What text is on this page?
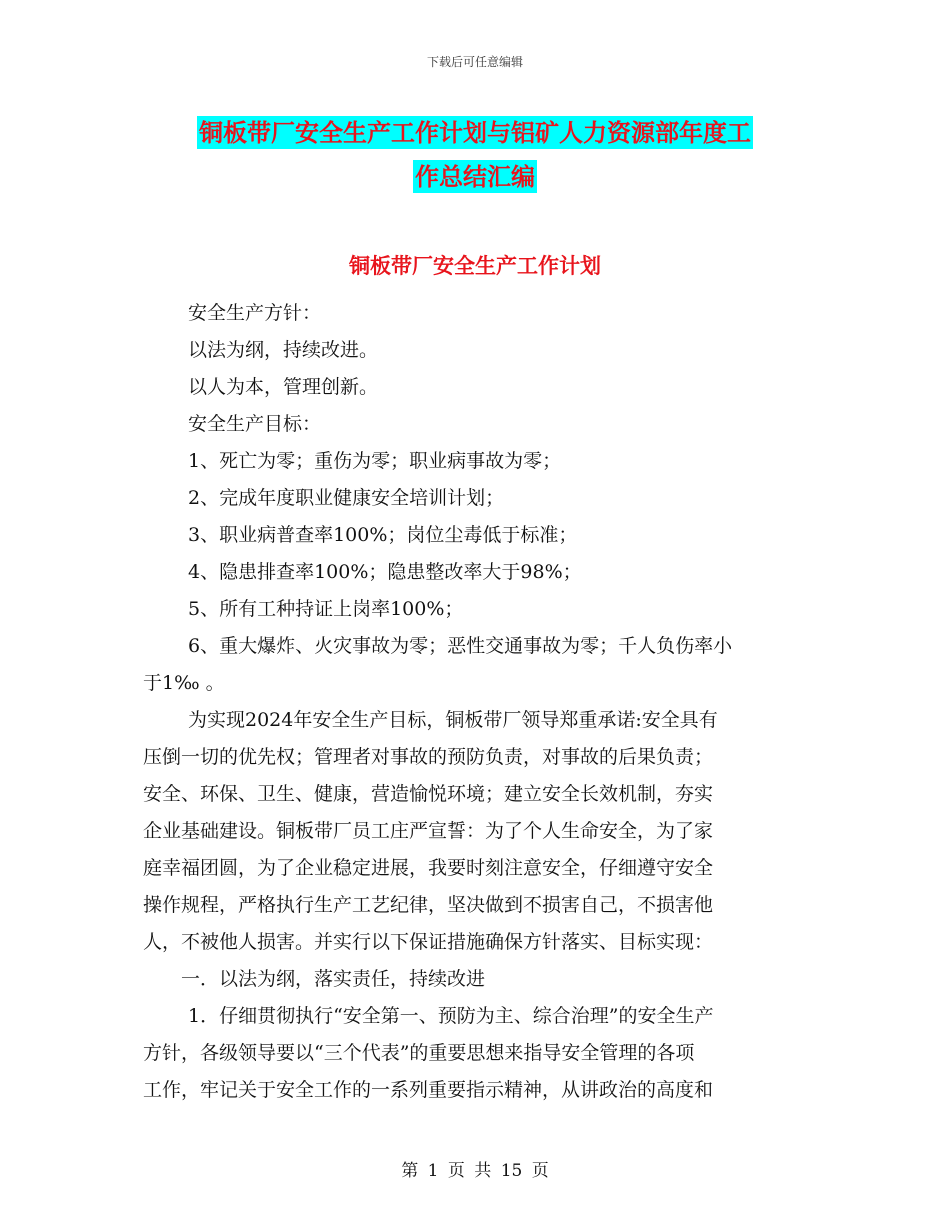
下载后可任意编辑
铜板带厂安全生产工作计划与铝矿人力资源部年度工
作总结汇编
铜板带厂安全生产工作计划
安全生产方针：
以法为纲，持续改进。
以人为本，管理创新。
安全生产目标：
1、死亡为零；重伤为零；职业病事故为零；
2、完成年度职业健康安全培训计划；
3、职业病普查率100%；岗位尘毒低于标准；
4、隐患排查率100%；隐患整改率大于98%；
5、所有工种持证上岗率100%；
6、重大爆炸、火灾事故为零；恶性交通事故为零；千人负伤率小
于1‰ 。
为实现2024年安全生产目标，铜板带厂领导郑重承诺:安全具有
压倒一切的优先权；管理者对事故的预防负责，对事故的后果负责；
安全、环保、卫生、健康，营造愉悦环境；建立安全长效机制，夯实
企业基础建设。铜板带厂员工庄严宣誓：为了个人生命安全，为了家
庭幸福团圆，为了企业稳定进展，我要时刻注意安全，仔细遵守安全
操作规程，严格执行生产工艺纪律，坚决做到不损害自己，不损害他
人，不被他人损害。并实行以下保证措施确保方针落实、目标实现：
一．以法为纲，落实责任，持续改进
1．仔细贯彻执行“安全第一、预防为主、综合治理”的安全生产
方针，各级领导要以“三个代表”的重要思想来指导安全管理的各项
工作，牢记关于安全工作的一系列重要指示精神，从讲政治的高度和
第 1 页 共 15 页
